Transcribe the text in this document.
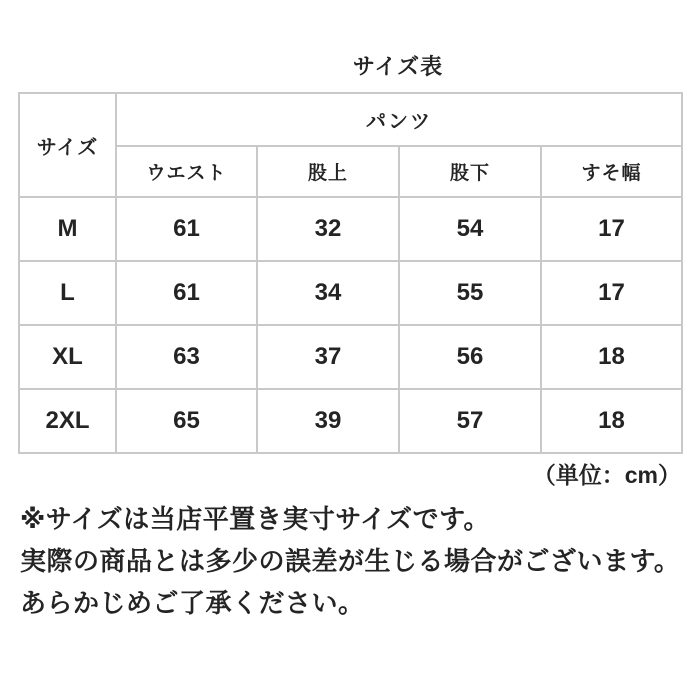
サイズ表
サイズ	パンツ			
	ウエスト	股上	股下	すそ幅
M	61	32	54	17
L	61	34	55	17
XL	63	37	56	18
2XL	65	39	57	18
（単位：cm）
※サイズは当店平置き実寸サイズです。
実際の商品とは多少の誤差が生じる場合がございます。
あらかじめご了承ください。
